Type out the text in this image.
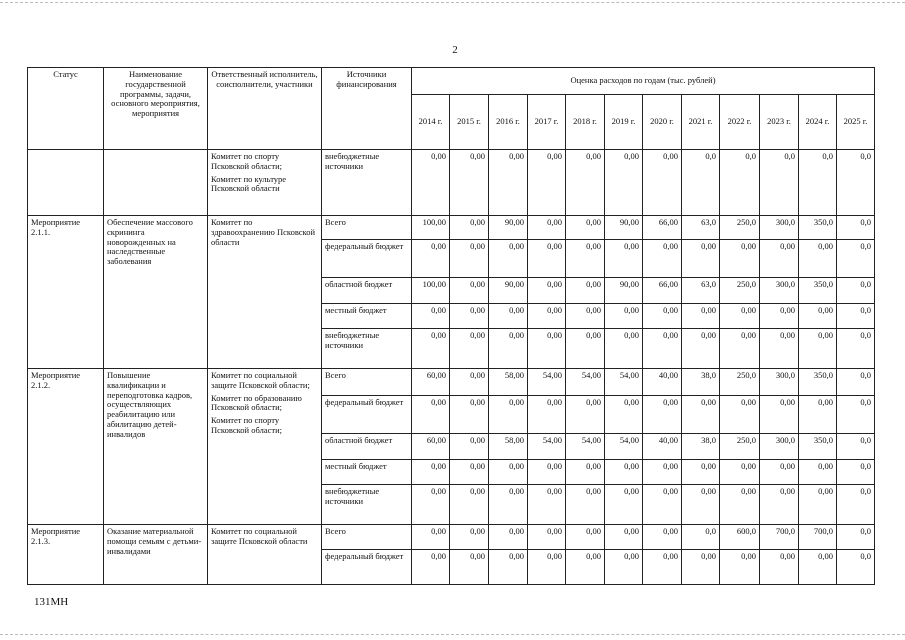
2
Статус	Наименование государственной программы, задачи, основного мероприятия, мероприятия	Ответственный исполнитель, соисполнители, участники	Источники финансирования	Оценка расходов по годам (тыс. рублей)											
				2014 г.	2015 г.	2016 г.	2017 г.	2018 г.	2019 г.	2020 г.	2021 г.	2022 г.	2023 г.	2024 г.	2025 г.

		Комитет по спорту Псковской области;
Комитет по культуре Псковской области	внебюджетные источники	0,00	0,00	0,00	0,00	0,00	0,00	0,00	0,0	0,0	0,0	0,0	0,0
Мероприятие 2.1.1.	Обеспечение массового скрининга новорожденных на наследственные заболевания	Комитет по здравоохранению Псковской области	Всего	100,00	0,00	90,00	0,00	0,00	90,00	66,00	63,0	250,0	300,0	350,0	0,0
			федеральный бюджет	0,00	0,00	0,00	0,00	0,00	0,00	0,00	0,00	0,00	0,00	0,00	0,0
			областной бюджет	100,00	0,00	90,00	0,00	0,00	90,00	66,00	63,0	250,0	300,0	350,0	0,0
			местный бюджет	0,00	0,00	0,00	0,00	0,00	0,00	0,00	0,00	0,00	0,00	0,00	0,0
			внебюджетные источники	0,00	0,00	0,00	0,00	0,00	0,00	0,00	0,00	0,00	0,00	0,00	0,0
Мероприятие 2.1.2.	Повышение квалификации и переподготовка кадров, осуществляющих реабилитацию или абилитацию детей-инвалидов	Комитет по социальной защите Псковской области;
Комитет по образованию Псковской области;
Комитет по спорту Псковской области;	Всего	60,00	0,00	58,00	54,00	54,00	54,00	40,00	38,0	250,0	300,0	350,0	0,0
			федеральный бюджет	0,00	0,00	0,00	0,00	0,00	0,00	0,00	0,00	0,00	0,00	0,00	0,0
			областной бюджет	60,00	0,00	58,00	54,00	54,00	54,00	40,00	38,0	250,0	300,0	350,0	0,0
			местный бюджет	0,00	0,00	0,00	0,00	0,00	0,00	0,00	0,00	0,00	0,00	0,00	0,0
			внебюджетные источники	0,00	0,00	0,00	0,00	0,00	0,00	0,00	0,00	0,00	0,00	0,00	0,0
Мероприятие 2.1.3.	Оказание материальной помощи семьям с детьми-инвалидами	Комитет по социальной защите Псковской области	Всего	0,00	0,00	0,00	0,00	0,00	0,00	0,00	0,0	600,0	700,0	700,0	0,0
			федеральный бюджет	0,00	0,00	0,00	0,00	0,00	0,00	0,00	0,00	0,00	0,00	0,00	0,0
131МН
